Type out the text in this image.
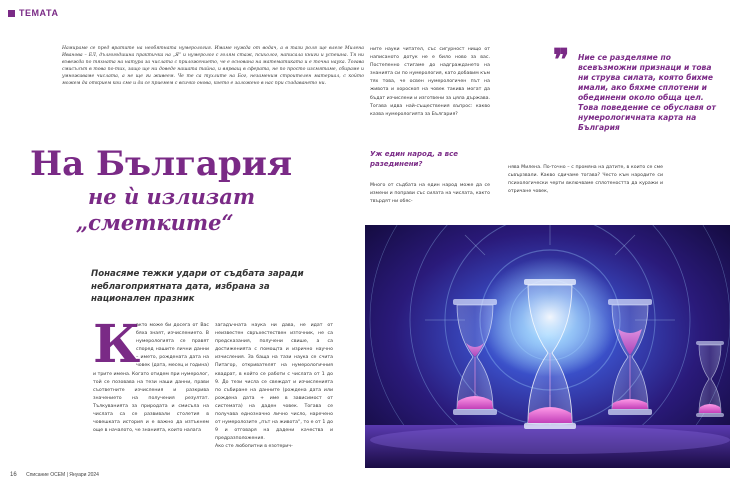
ТЕМАТА
Намираме се пред вратите на необятната нумерология. Имаме нужда от водач, а в тази роля ще влезе Милена Иванова – ЕЛ, дългогодишна практичка на „Я“ и нумеролог с голям стаж, психолог, написала книги и успешна. Тя ни въвежда по тяхната на натура за числата с приложението, че е основана на математиката и е точна наука. Тогава смисълът в това по-тих, защо ще ни доведе нашата тайна, и вярващ в сферата, не по просто изсмятаме, сбираме и умножаваме числата, а не ще ги живеем. Че те са тухлите на Бог, незаменим строителен материал, с който можем да открием кои сме и да се приемем с всичко онова, което е заложено в нас при създаването ни.
На България
не ѝ излизат
„сметките“
Понасяме тежки удари от съдбата заради неблагоприятната дата, избрана за национален празник
К
акто може би досега от Вас бяха знаят, изчислението. В нумерологията се правят според нашите лични данни – името, рождената дата на човек (дата, месец и година) и трите имена. Когато отидем при нумеролог, той се позовава на тези наши данни, прави съответните изчисления и разкрива значението на получения резултат. Тълкуванията за природата и смисъла на числата са се развивали столетия в човешката история и е важно да изтъкнем още в началото, че знанията, които налага
загадъчната наука ни дава, не идат от неизвестен свръхестествен източник, не са предсказания, получени свише, а са достиженията с помощта и изрично научно изчисления. За баща на тази наука се счита Питагор, откривателят на нумерологичния квадрат, в който се работи с числата от 1 до 9. До тези числа се свеждат и изчисленията по събиране на данните (рождена дата или рождена дата + име в зависимост от системата) на даден човек. Тогава се получава еднозначно лично число, наречено от нумеролозите „път на живота“, то е от 1 до 9 и отговаря на дадени качества и предразположения.
Ако сте любопитни в езотерич-
ните науки читател, със сигурност нищо от написаното дотук не е било ново за вас. Постепенно стигаме до надграждането на знанията си по нумерология, като добавим към тях това, че освен нумерологичен път на живота и хороскоп на човек такива могат да бъдат изчислени и изготвени за цяла държава. Тогава идва най-съществения въпрос: какво казва нумерологията за България?
Уж един народ, а все разединени?
Много от съдбата на един народ може да се измени и поправи със силата на числата, както твърдят ни обяс-
нява Милена. По-точно – с промяна на датите, в които се сме сьвързвали. Какво сдичаме тогава? Често към народите си психологически черти включваме сплотеността да куражи и отричане човек,
❞ Ние се разделяме по всевъзможни признаци и това ни струва силата, която бихме имали, ако бяхме сплотени и обединени около обща цел. Това поведение се обуславя от нумерологичната карта на България
16 Списание ОСЕМ | Януари 2024
